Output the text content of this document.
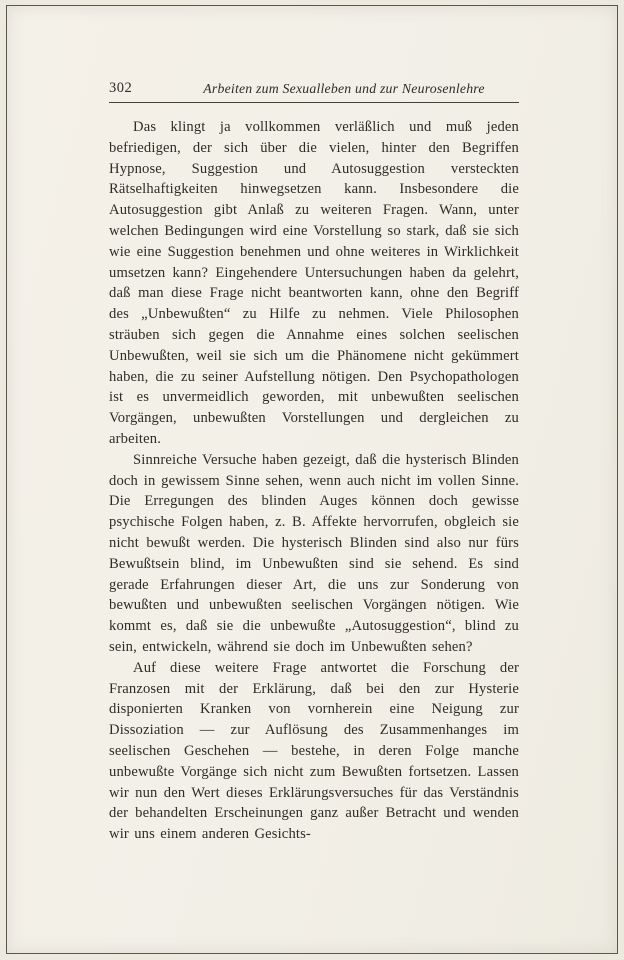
302	Arbeiten zum Sexualleben und zur Neurosenlehre

Das klingt ja vollkommen verläßlich und muß jeden befriedigen, der sich über die vielen, hinter den Begriffen Hypnose, Suggestion und Autosuggestion versteckten Rätselhaftigkeiten hinwegsetzen kann. Insbesondere die Autosuggestion gibt Anlaß zu weiteren Fragen. Wann, unter welchen Bedingungen wird eine Vorstellung so stark, daß sie sich wie eine Suggestion benehmen und ohne weiteres in Wirklichkeit umsetzen kann? Eingehendere Untersuchungen haben da gelehrt, daß man diese Frage nicht beantworten kann, ohne den Begriff des „Unbewußten“ zu Hilfe zu nehmen. Viele Philosophen sträuben sich gegen die Annahme eines solchen seelischen Unbewußten, weil sie sich um die Phänomene nicht gekümmert haben, die zu seiner Aufstellung nötigen. Den Psychopathologen ist es unvermeidlich geworden, mit unbewußten seelischen Vorgängen, unbewußten Vorstellungen und dergleichen zu arbeiten.

Sinnreiche Versuche haben gezeigt, daß die hysterisch Blinden doch in gewissem Sinne sehen, wenn auch nicht im vollen Sinne. Die Erregungen des blinden Auges können doch gewisse psychische Folgen haben, z. B. Affekte hervorrufen, obgleich sie nicht bewußt werden. Die hysterisch Blinden sind also nur fürs Bewußtsein blind, im Unbewußten sind sie sehend. Es sind gerade Erfahrungen dieser Art, die uns zur Sonderung von bewußten und unbewußten seelischen Vorgängen nötigen. Wie kommt es, daß sie die unbewußte „Autosuggestion“, blind zu sein, entwickeln, während sie doch im Unbewußten sehen?

Auf diese weitere Frage antwortet die Forschung der Franzosen mit der Erklärung, daß bei den zur Hysterie disponierten Kranken von vornherein eine Neigung zur Dissoziation — zur Auflösung des Zusammenhanges im seelischen Geschehen — bestehe, in deren Folge manche unbewußte Vorgänge sich nicht zum Bewußten fortsetzen. Lassen wir nun den Wert dieses Erklärungsversuches für das Verständnis der behandelten Erscheinungen ganz außer Betracht und wenden wir uns einem anderen Gesichts-
